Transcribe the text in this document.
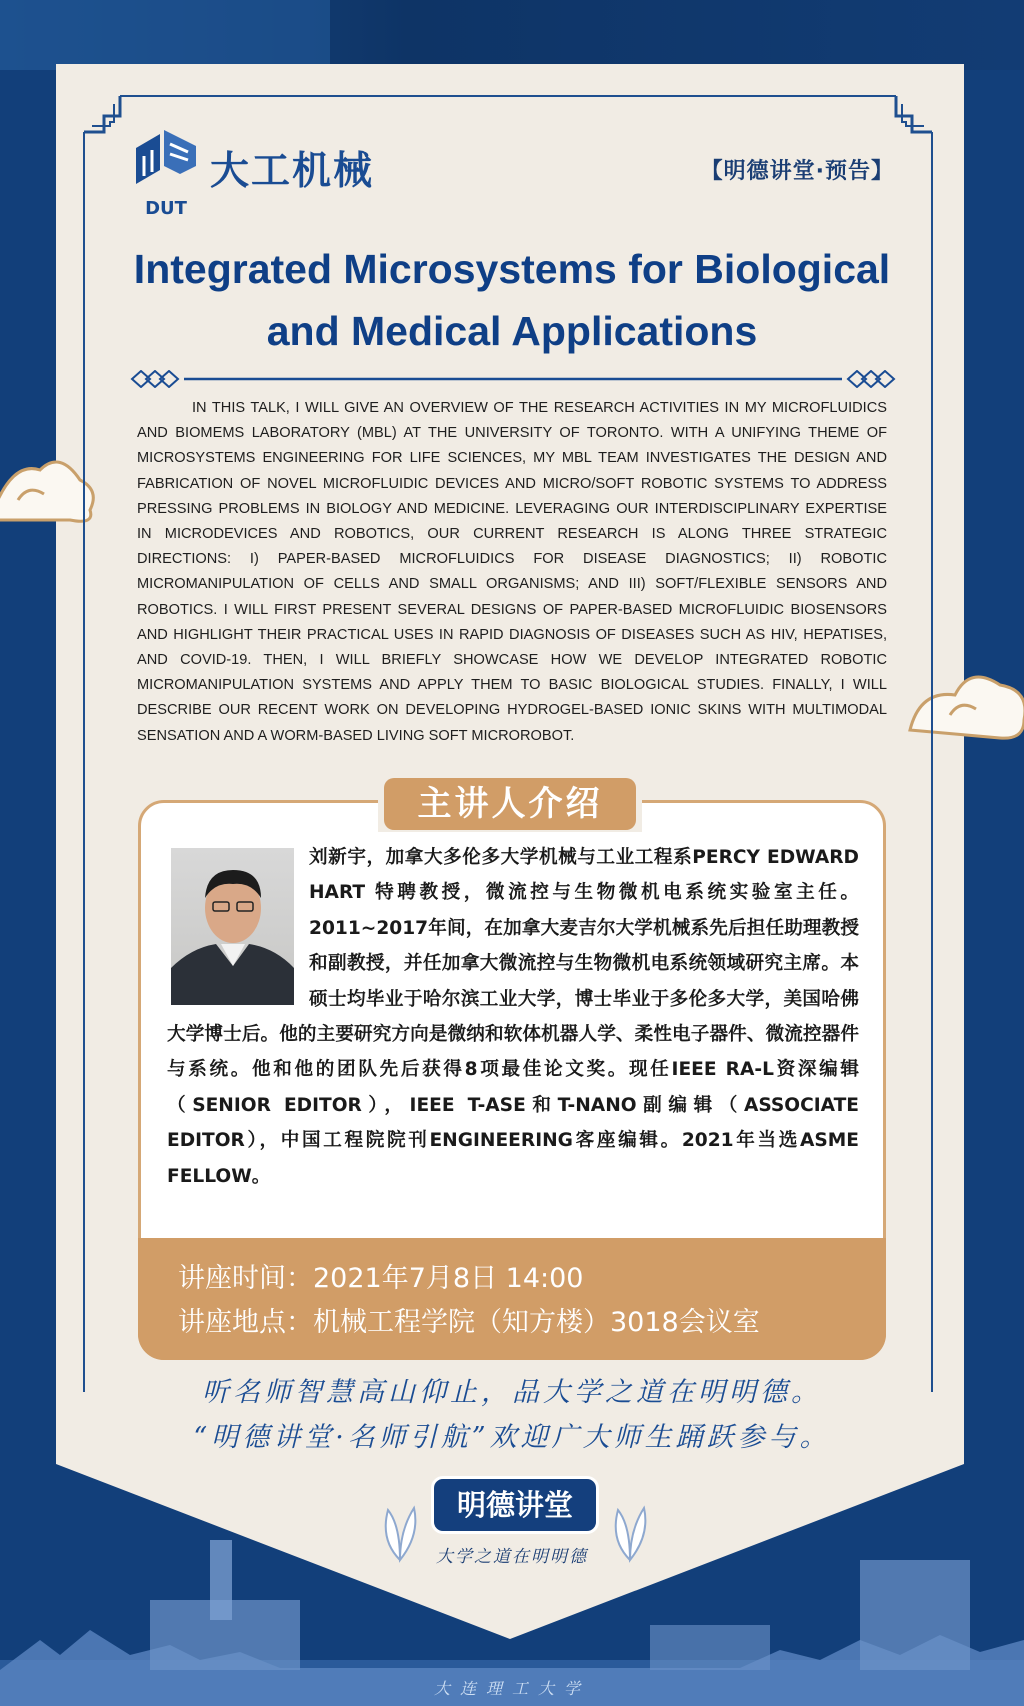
DUT
大工机械	【明德讲堂·预告】
Integrated Microsystems for Biological
and Medical Applications
IN THIS TALK, I WILL GIVE AN OVERVIEW OF THE RESEARCH ACTIVITIES IN MY MICROFLUIDICS AND BIOMEMS LABORATORY (MBL) AT THE UNIVERSITY OF TORONTO. WITH A UNIFYING THEME OF MICROSYSTEMS ENGINEERING FOR LIFE SCIENCES, MY MBL TEAM INVESTIGATES THE DESIGN AND FABRICATION OF NOVEL MICROFLUIDIC DEVICES AND MICRO/SOFT ROBOTIC SYSTEMS TO ADDRESS PRESSING PROBLEMS IN BIOLOGY AND MEDICINE. LEVERAGING OUR INTERDISCIPLINARY EXPERTISE IN MICRODEVICES AND ROBOTICS, OUR CURRENT RESEARCH IS ALONG THREE STRATEGIC DIRECTIONS: I) PAPER-BASED MICROFLUIDICS FOR DISEASE DIAGNOSTICS; II) ROBOTIC MICROMANIPULATION OF CELLS AND SMALL ORGANISMS; AND III) SOFT/FLEXIBLE SENSORS AND ROBOTICS. I WILL FIRST PRESENT SEVERAL DESIGNS OF PAPER-BASED MICROFLUIDIC BIOSENSORS AND HIGHLIGHT THEIR PRACTICAL USES IN RAPID DIAGNOSIS OF DISEASES SUCH AS HIV, HEPATISES, AND COVID-19. THEN, I WILL BRIEFLY SHOWCASE HOW WE DEVELOP INTEGRATED ROBOTIC MICROMANIPULATION SYSTEMS AND APPLY THEM TO BASIC BIOLOGICAL STUDIES. FINALLY, I WILL DESCRIBE OUR RECENT WORK ON DEVELOPING HYDROGEL-BASED IONIC SKINS WITH MULTIMODAL SENSATION AND A WORM-BASED LIVING SOFT MICROROBOT.
主讲人介绍
刘新宇，加拿大多伦多大学机械与工业工程系PERCY EDWARD HART 特聘教授，微流控与生物微机电系统实验室主任。2011~2017年间，在加拿大麦吉尔大学机械系先后担任助理教授和副教授，并任加拿大微流控与生物微机电系统领域研究主席。本硕士均毕业于哈尔滨工业大学，博士毕业于多伦多大学，美国哈佛大学博士后。他的主要研究方向是微纳和软体机器人学、柔性电子器件、微流控器件与系统。他和他的团队先后获得8项最佳论文奖。现任IEEE RA-L资深编辑（SENIOR EDITOR），IEEE T-ASE和T-NANO副编辑（ASSOCIATE EDITOR），中国工程院院刊ENGINEERING客座编辑。2021年当选ASME FELLOW。
讲座时间：2021年7月8日 14:00
讲座地点：机械工程学院（知方楼）3018会议室
听名师智慧高山仰止，品大学之道在明明德。
“明德讲堂·名师引航”欢迎广大师生踊跃参与。
明德讲堂
大学之道在明明德
大连理工大学
